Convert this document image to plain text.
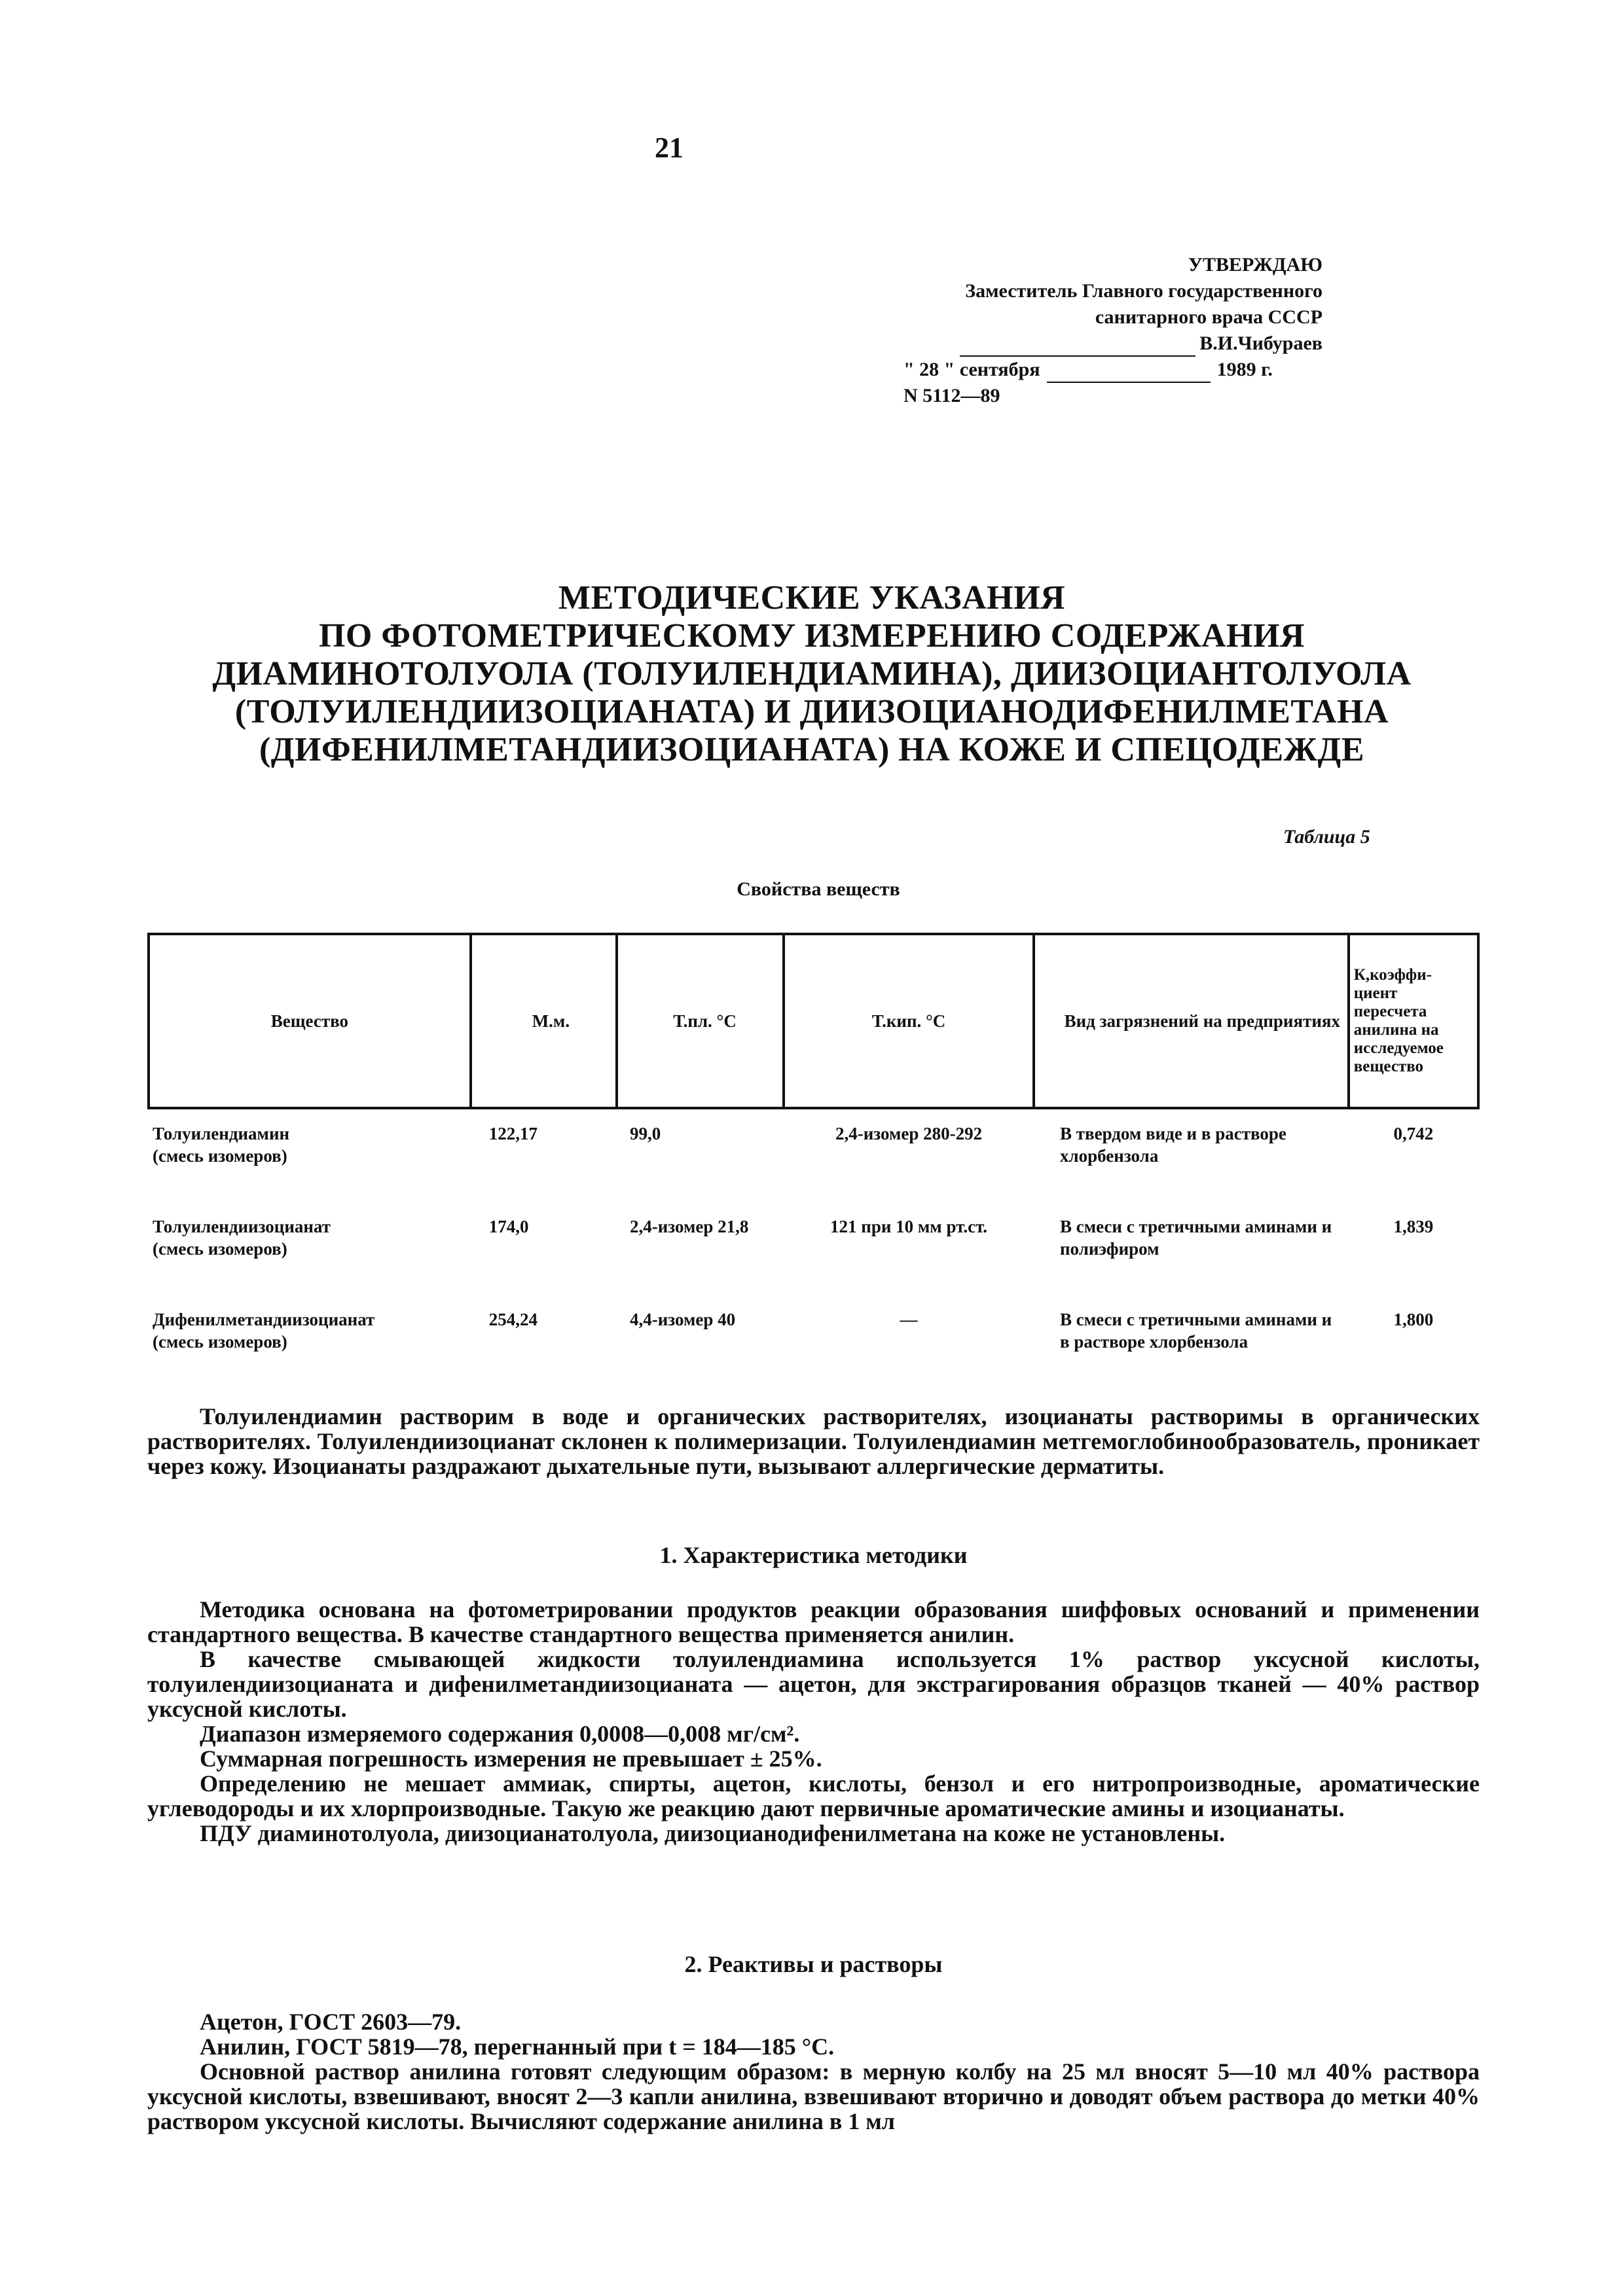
21
УТВЕРЖДАЮ
Заместитель Главного государственного
санитарного врача СССР
В.И.Чибураев
" 28 " сентября	1989 г.
N 5112—89
МЕТОДИЧЕСКИЕ УКАЗАНИЯ
ПО ФОТОМЕТРИЧЕСКОМУ ИЗМЕРЕНИЮ СОДЕРЖАНИЯ
ДИАМИНОТОЛУОЛА (ТОЛУИЛЕНДИАМИНА), ДИИЗОЦИАНТОЛУОЛА
(ТОЛУИЛЕНДИИЗОЦИАНАТА) И ДИИЗОЦИАНОДИФЕНИЛМЕТАНА
(ДИФЕНИЛМЕТАНДИИЗОЦИАНАТА) НА КОЖЕ И СПЕЦОДЕЖДЕ
Таблица 5
Свойства веществ
Вещество	М.м.	Т.пл. °С	Т.кип. °С	Вид загрязнений на предприятиях	К,коэффи-циент пересчета анилина на исследуемое вещество

Толуилендиамин
(смесь изомеров)	122,17	99,0	2,4-изомер 280-292	В твердом виде и в растворе хлорбензола	0,742

Толуилендиизоцианат
(смесь изомеров)	174,0	2,4-изомер 21,8	121 при 10 мм рт.ст.	В смеси с третичными аминами и полиэфиром	1,839

Дифенилметандиизоцианат
(смесь изомеров)	254,24	4,4-изомер 40	—	В смеси с третичными аминами и в растворе хлорбензола	1,800

Толуилендиамин растворим в воде и органических растворителях, изоцианаты растворимы в органических растворителях. Толуилендиизоцианат склонен к полимеризации. Толуилендиамин метгемоглобинообразователь, проникает через кожу. Изоцианаты раздражают дыхательные пути, вызывают аллергические дерматиты.

1. Характеристика методики

Методика основана на фотометрировании продуктов реакции образования шиффовых оснований и применении стандартного вещества. В качестве стандартного вещества применяется анилин.

В качестве смывающей жидкости толуилендиамина используется 1% раствор уксусной кислоты, толуилендиизоцианата и дифенилметандиизоцианата — ацетон, для экстрагирования образцов тканей — 40% раствор уксусной кислоты.

Диапазон измеряемого содержания 0,0008—0,008 мг/см².

Суммарная погрешность измерения не превышает ± 25%.

Определению не мешает аммиак, спирты, ацетон, кислоты, бензол и его нитропроизводные, ароматические углеводороды и их хлорпроизводные. Такую же реакцию дают первичные ароматические амины и изоцианаты.

ПДУ диаминотолуола, диизоцианатолуола, диизоцианодифенилметана на коже не установлены.

2. Реактивы и растворы

Ацетон, ГОСТ 2603—79.

Анилин, ГОСТ 5819—78, перегнанный при t = 184—185 °С.

Основной раствор анилина готовят следующим образом: в мерную колбу на 25 мл вносят 5—10 мл 40% раствора уксусной кислоты, взвешивают, вносят 2—3 капли анилина, взвешивают вторично и доводят объем раствора до метки 40% раствором уксусной кислоты. Вычисляют содержание анилина в 1 мл
